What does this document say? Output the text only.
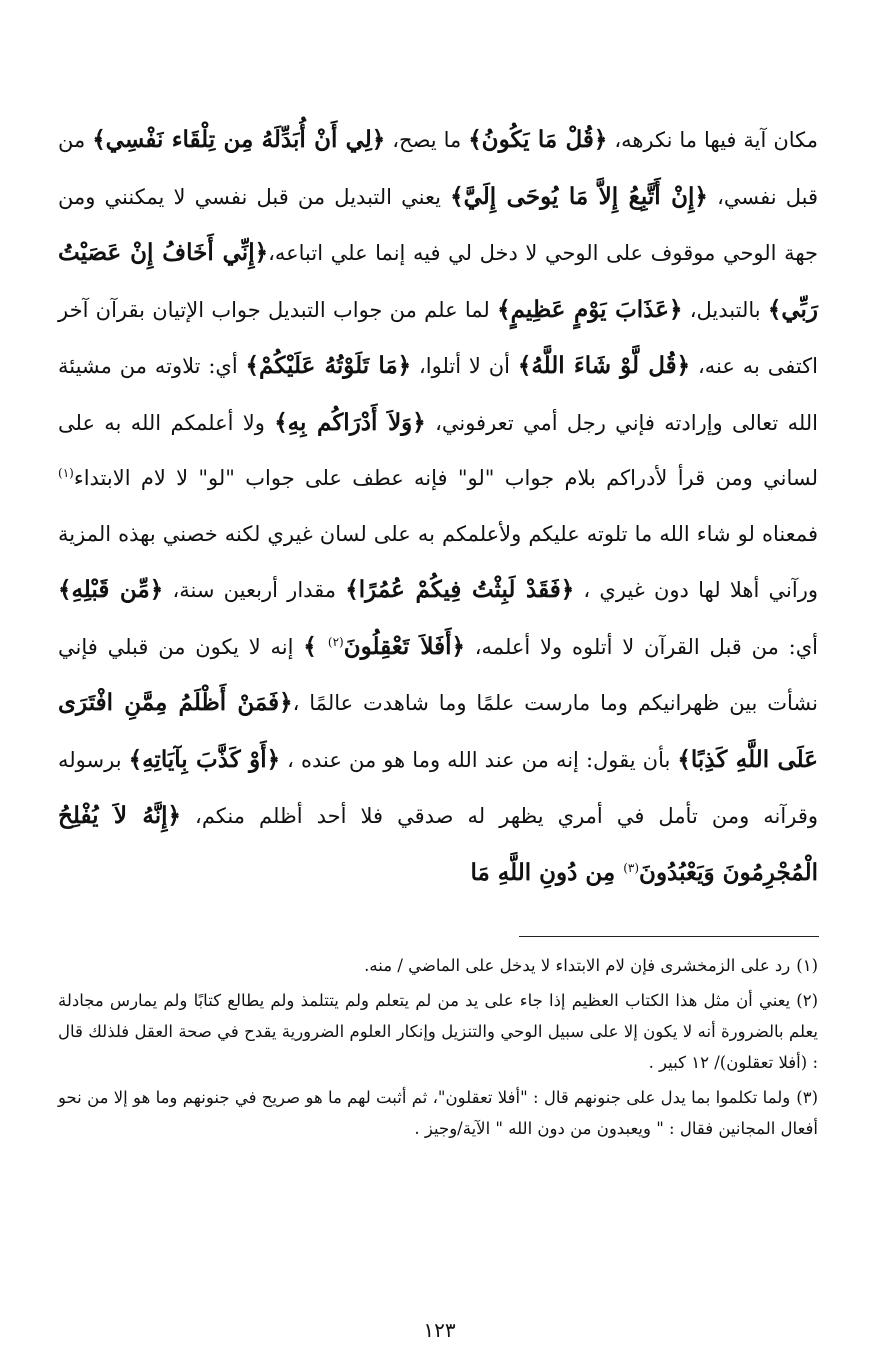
مكان آية فيها ما نكرهه، ﴿قُلْ مَا يَكُونُ﴾ ما يصح، ﴿لِي أَنْ أُبَدِّلَهُ مِن تِلْقَاء نَفْسِي﴾ من قبل نفسي، ﴿إِنْ أَتَّبِعُ إِلاَّ مَا يُوحَى إِلَيَّ﴾ يعني التبديل من قبل نفسي لا يمكنني ومن جهة الوحي موقوف على الوحي لا دخل لي فيه إنما علي اتباعه،﴿إِنِّي أَخَافُ إِنْ عَصَيْتُ رَبِّي﴾ بالتبديل، ﴿عَذَابَ يَوْمٍ عَظِيمٍ﴾ لما علم من جواب التبديل جواب الإتيان بقرآن آخر اكتفى به عنه، ﴿قُل لَّوْ شَاءَ اللَّهُ﴾ أن لا أتلوا، ﴿مَا تَلَوْتُهُ عَلَيْكُمْ﴾ أي: تلاوته من مشيئة الله تعالى وإرادته فإني رجل أمي تعرفوني، ﴿وَلاَ أَدْرَاكُم بِهِ﴾ ولا أعلمكم الله به على لساني ومن قرأ لأدراكم بلام جواب "لو" فإنه عطف على جواب "لو" لا لام الابتداء$^{(١)}$ فمعناه لو شاء الله ما تلوته عليكم ولأعلمكم به على لسان غيري لكنه خصني بهذه المزية ورآني أهلا لها دون غيري ، ﴿فَقَدْ لَبِثْتُ فِيكُمْ عُمُرًا﴾ مقدار أربعين سنة، ﴿مِّن قَبْلِهِ﴾ أي: من قبل القرآن لا أتلوه ولا أعلمه، ﴿أَفَلاَ تَعْقِلُونَ$^{(٢)}$ ﴾ إنه لا يكون من قبلي فإني نشأت بين ظهرانيكم وما مارست علمًا وما شاهدت عالمًا ،﴿فَمَنْ أَظْلَمُ مِمَّنِ افْتَرَى عَلَى اللَّهِ كَذِبًا﴾ بأن يقول: إنه من عند الله وما هو من عنده ، ﴿أَوْ كَذَّبَ بِآيَاتِهِ﴾ برسوله وقرآنه ومن تأمل في أمري يظهر له صدقي فلا أحد أظلم منكم، ﴿إِنَّهُ لاَ يُفْلِحُ الْمُجْرِمُونَ وَيَعْبُدُونَ$^{(٣)}$ مِن دُونِ اللَّهِ مَا

(١)رد على الزمخشرى فإن لام الابتداء لا يدخل على الماضي / منه.

(٢)يعني أن مثل هذا الكتاب العظيم إذا جاء على يد من لم يتعلم ولم يتتلمذ ولم يطالع كتابًا ولم يمارس مجادلة يعلم بالضرورة أنه لا يكون إلا على سبيل الوحي والتنزيل وإنكار العلوم الضرورية يقدح في صحة العقل فلذلك قال : (أفلا تعقلون)/ ١٢ كبير .

(٣)ولما تكلموا بما يدل على جنونهم قال : "أفلا تعقلون"، ثم أثبت لهم ما هو صريح في جنونهم وما هو إلا من نحو أفعال المجانين فقال : " ويعبدون من دون الله " الآية/وجيز .

١٢٣
